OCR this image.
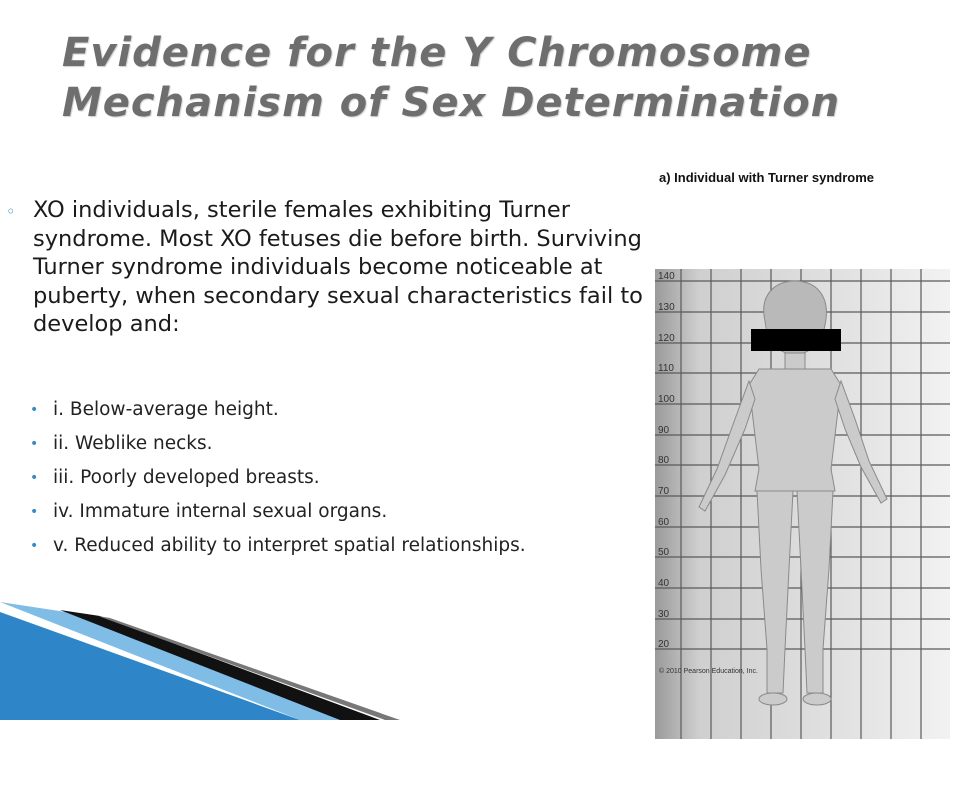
Evidence for the Y Chromosome
Mechanism of Sex Determination
◦ XO individuals, sterile females exhibiting Turner syndrome. Most XO fetuses die before birth. Surviving Turner syndrome individuals become noticeable at puberty, when secondary sexual characteristics fail to develop and:

• i. Below-average height.
• ii. Weblike necks.
• iii. Poorly developed breasts.
• iv. Immature internal sexual organs.
• v. Reduced ability to interpret spatial relationships.
a) Individual with Turner syndrome
140
130
120
110
100
90
80
70
60
50
40
30
20
© 2010 Pearson Education, Inc.
